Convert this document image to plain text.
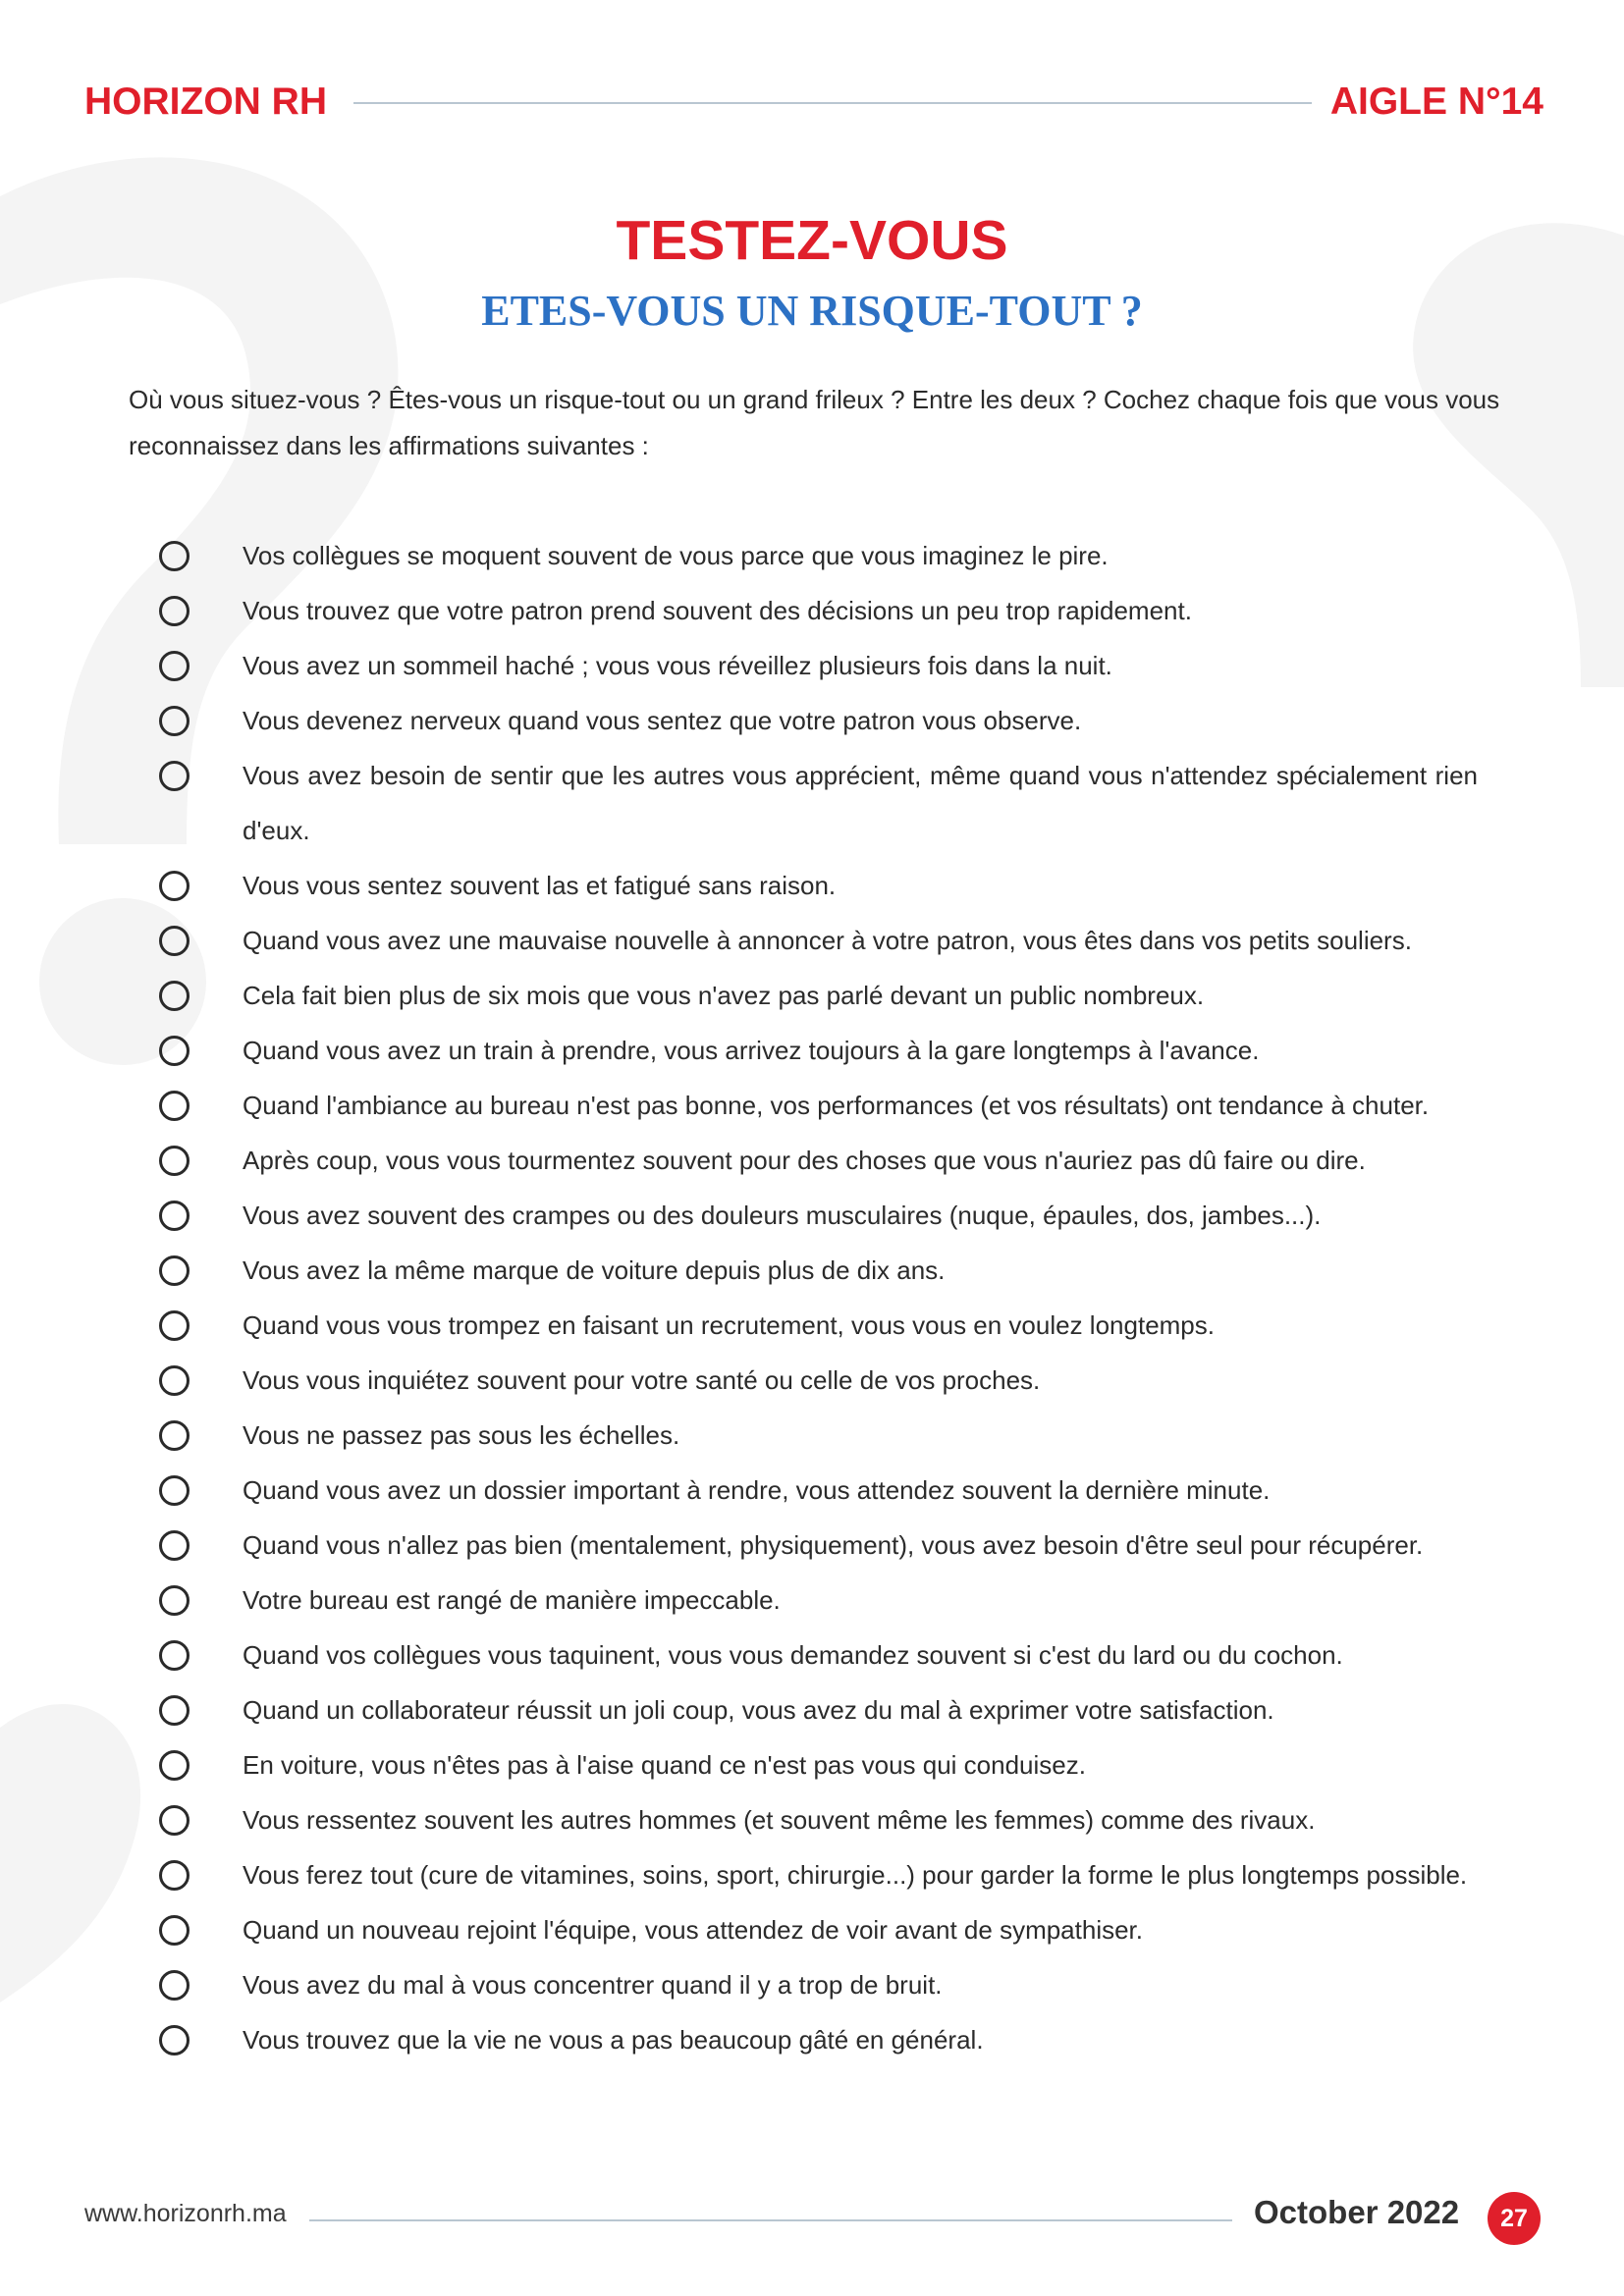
HORIZON RH	AIGLE N°14
TESTEZ-VOUS
ETES-VOUS UN RISQUE-TOUT ?

Où vous situez-vous ? Êtes-vous un risque-tout ou un grand frileux ? Entre les deux ? Cochez chaque fois que vous vous reconnaissez dans les affirmations suivantes :

Vos collègues se moquent souvent de vous parce que vous imaginez le pire.
Vous trouvez que votre patron prend souvent des décisions un peu trop rapidement.
Vous avez un sommeil haché ; vous vous réveillez plusieurs fois dans la nuit.
Vous devenez nerveux quand vous sentez que votre patron vous observe.
Vous avez besoin de sentir que les autres vous apprécient, même quand vous n'attendez spécialement rien d'eux.
Vous vous sentez souvent las et fatigué sans raison.
Quand vous avez une mauvaise nouvelle à annoncer à votre patron, vous êtes dans vos petits souliers.
Cela fait bien plus de six mois que vous n'avez pas parlé devant un public nombreux.
Quand vous avez un train à prendre, vous arrivez toujours à la gare longtemps à l'avance.
Quand l'ambiance au bureau n'est pas bonne, vos performances (et vos résultats) ont tendance à chuter.
Après coup, vous vous tourmentez souvent pour des choses que vous n'auriez pas dû faire ou dire.
Vous avez souvent des crampes ou des douleurs musculaires (nuque, épaules, dos, jambes...).
Vous avez la même marque de voiture depuis plus de dix ans.
Quand vous vous trompez en faisant un recrutement, vous vous en voulez longtemps.
Vous vous inquiétez souvent pour votre santé ou celle de vos proches.
Vous ne passez pas sous les échelles.
Quand vous avez un dossier important à rendre, vous attendez souvent la dernière minute.
Quand vous n'allez pas bien (mentalement, physiquement), vous avez besoin d'être seul pour récupérer.
Votre bureau est rangé de manière impeccable.
Quand vos collègues vous taquinent, vous vous demandez souvent si c'est du lard ou du cochon.
Quand un collaborateur réussit un joli coup, vous avez du mal à exprimer votre satisfaction.
En voiture, vous n'êtes pas à l'aise quand ce n'est pas vous qui conduisez.
Vous ressentez souvent les autres hommes (et souvent même les femmes) comme des rivaux.
Vous ferez tout (cure de vitamines, soins, sport, chirurgie...) pour garder la forme le plus longtemps possible.
Quand un nouveau rejoint l'équipe, vous attendez de voir avant de sympathiser.
Vous avez du mal à vous concentrer quand il y a trop de bruit.
Vous trouvez que la vie ne vous a pas beaucoup gâté en général.
www.horizonrh.ma	October 2022	27
